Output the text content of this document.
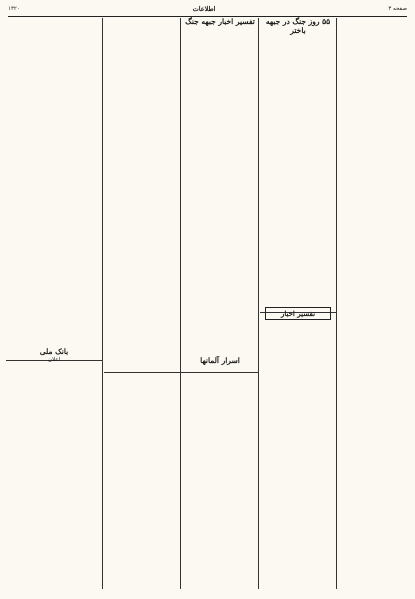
صفحه ۳
اطلاعات
۱۳۲۰
۵۵ روز جنگ در جبهه باختر
تفسیر اخبار
تفسیر اخبار جبهه جنگ
اسرار آلمانها
بانک ملی
اعلان
